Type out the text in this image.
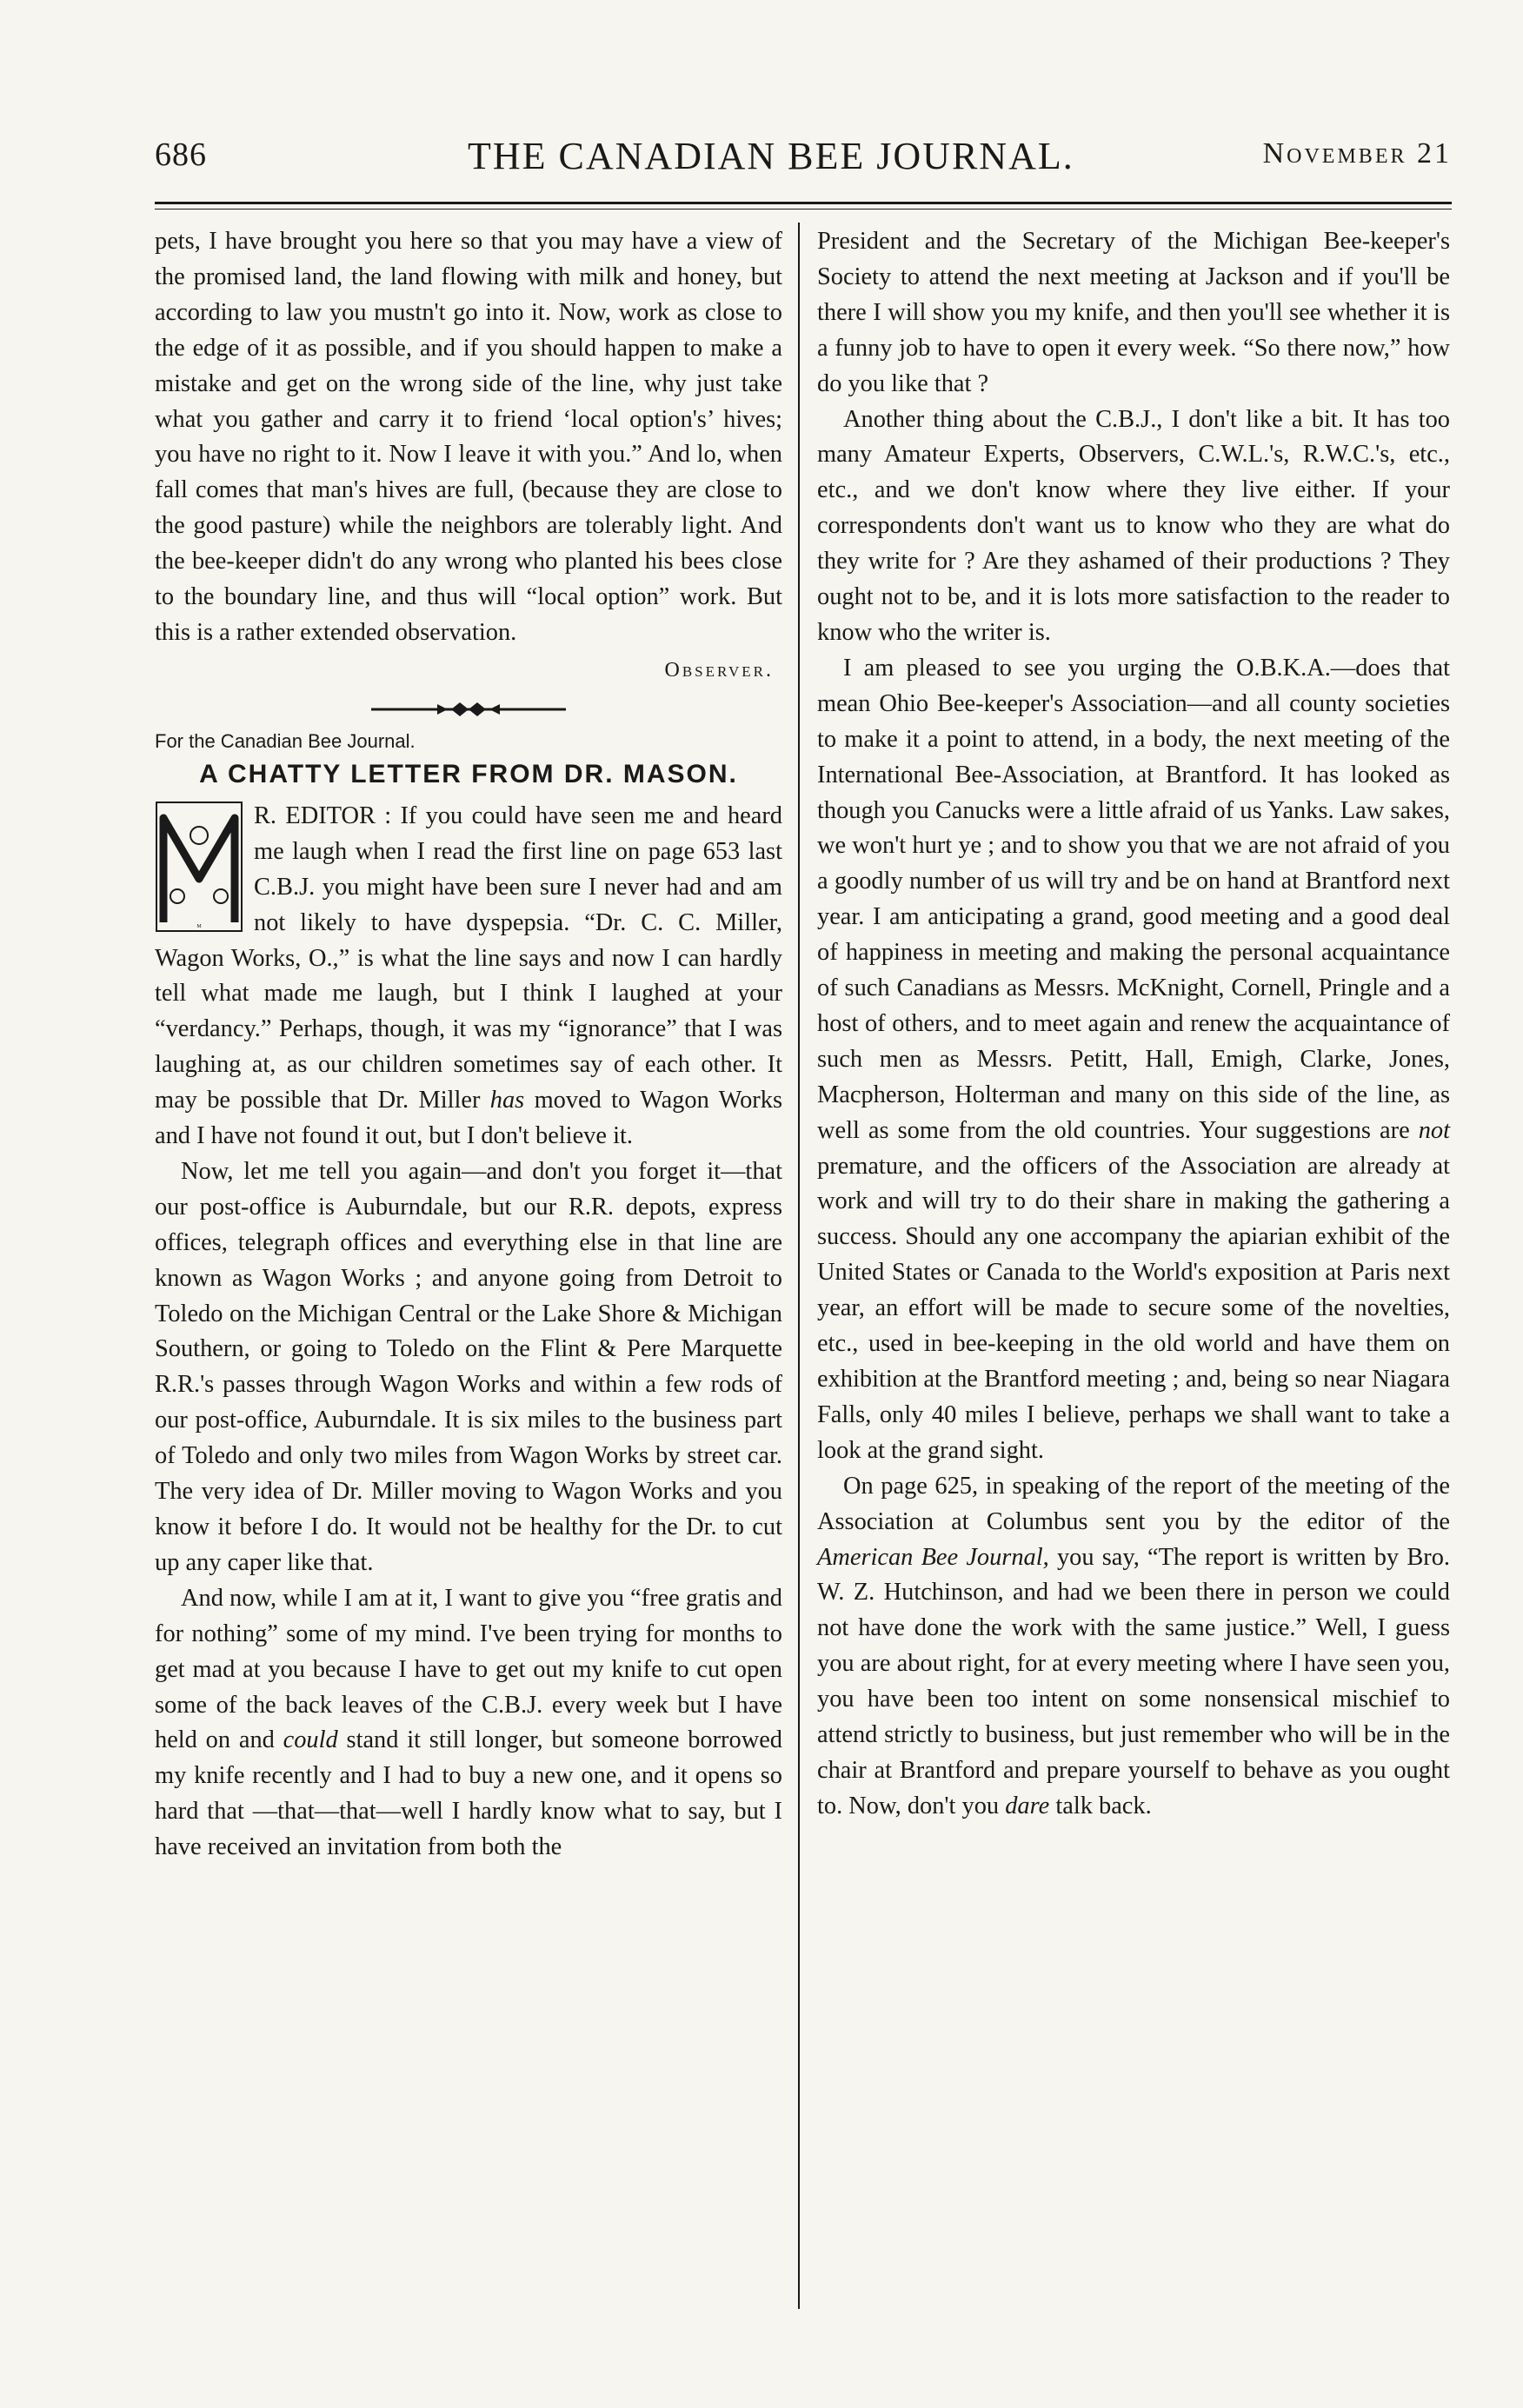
686	THE CANADIAN BEE JOURNAL.	November 21

pets, I have brought you here so that you may have a view of the promised land, the land flowing with milk and honey, but according to law you mustn't go into it. Now, work as close to the edge of it as possible, and if you should happen to make a mistake and get on the wrong side of the line, why just take what you gather and carry it to friend ‘local option's’ hives; you have no right to it. Now I leave it with you.” And lo, when fall comes that man's hives are full, (because they are close to the good pasture) while the neighbors are tolerably light. And the bee-keeper didn't do any wrong who planted his bees close to the boundary line, and thus will “local option” work. But this is a rather extended observation.

Observer.
For the Canadian Bee Journal.
A CHATTY LETTER FROM DR. MASON.

M
R. EDITOR : If you could have seen me and heard me laugh when I read the first line on page 653 last C.B.J. you might have been sure I never had and am not likely to have dyspepsia. “Dr. C. C. Miller, Wagon Works, O.,” is what the line says and now I can hardly tell what made me laugh, but I think I laughed at your “verdancy.” Perhaps, though, it was my “ignorance” that I was laughing at, as our children sometimes say of each other. It may be possible that Dr. Miller has moved to Wagon Works and I have not found it out, but I don't believe it.

Now, let me tell you again—and don't you forget it—that our post-office is Auburndale, but our R.R. depots, express offices, telegraph offices and everything else in that line are known as Wagon Works ; and anyone going from Detroit to Toledo on the Michigan Central or the Lake Shore & Michigan Southern, or going to Toledo on the Flint & Pere Marquette R.R.'s passes through Wagon Works and within a few rods of our post-office, Auburndale. It is six miles to the business part of Toledo and only two miles from Wagon Works by street car. The very idea of Dr. Miller moving to Wagon Works and you know it before I do. It would not be healthy for the Dr. to cut up any caper like that.

And now, while I am at it, I want to give you “free gratis and for nothing” some of my mind. I've been trying for months to get mad at you because I have to get out my knife to cut open some of the back leaves of the C.B.J. every week but I have held on and could stand it still longer, but someone borrowed my knife recently and I had to buy a new one, and it opens so hard that —that—that—well I hardly know what to say, but I have received an invitation from both the

President and the Secretary of the Michigan Bee-keeper's Society to attend the next meeting at Jackson and if you'll be there I will show you my knife, and then you'll see whether it is a funny job to have to open it every week. “So there now,” how do you like that ?

Another thing about the C.B.J., I don't like a bit. It has too many Amateur Experts, Observers, C.W.L.'s, R.W.C.'s, etc., etc., and we don't know where they live either. If your correspondents don't want us to know who they are what do they write for ? Are they ashamed of their productions ? They ought not to be, and it is lots more satisfaction to the reader to know who the writer is.

I am pleased to see you urging the O.B.K.A.—does that mean Ohio Bee-keeper's Association—and all county societies to make it a point to attend, in a body, the next meeting of the International Bee-Association, at Brantford. It has looked as though you Canucks were a little afraid of us Yanks. Law sakes, we won't hurt ye ; and to show you that we are not afraid of you a goodly number of us will try and be on hand at Brantford next year. I am anticipating a grand, good meeting and a good deal of happiness in meeting and making the personal acquaintance of such Canadians as Messrs. McKnight, Cornell, Pringle and a host of others, and to meet again and renew the acquaintance of such men as Messrs. Petitt, Hall, Emigh, Clarke, Jones, Macpherson, Holterman and many on this side of the line, as well as some from the old countries. Your suggestions are not premature, and the officers of the Association are already at work and will try to do their share in making the gathering a success. Should any one accompany the apiarian exhibit of the United States or Canada to the World's exposition at Paris next year, an effort will be made to secure some of the novelties, etc., used in bee-keeping in the old world and have them on exhibition at the Brantford meeting ; and, being so near Niagara Falls, only 40 miles I believe, perhaps we shall want to take a look at the grand sight.

On page 625, in speaking of the report of the meeting of the Association at Columbus sent you by the editor of the American Bee Journal, you say, “The report is written by Bro. W. Z. Hutchinson, and had we been there in person we could not have done the work with the same justice.” Well, I guess you are about right, for at every meeting where I have seen you, you have been too intent on some nonsensical mischief to attend strictly to business, but just remember who will be in the chair at Brantford and prepare yourself to behave as you ought to. Now, don't you dare talk back.
